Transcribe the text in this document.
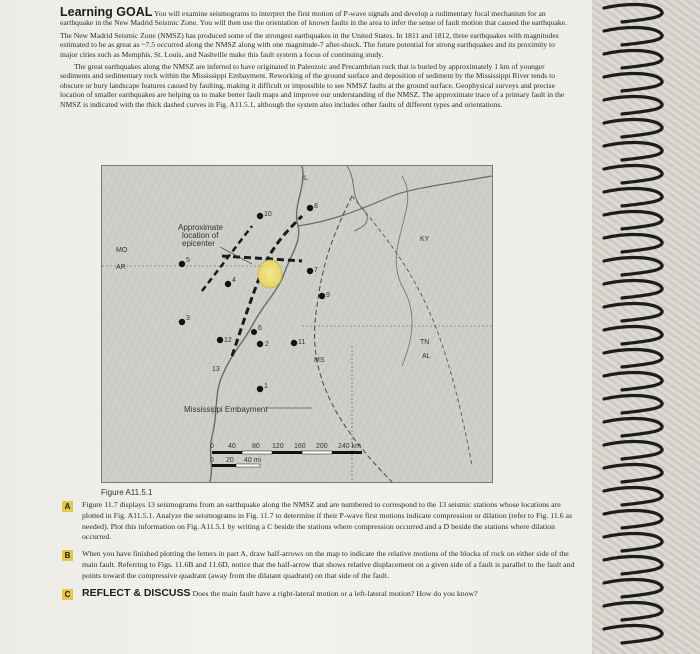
Learning GOAL You will examine seismograms to interpret the first motion of P-wave signals and develop a rudimentary focal mechanism for an earthquake in the New Madrid Seismic Zone. You will then use the orientation of known faults in the area to infer the sense of fault motion that caused the earthquake.

The New Madrid Seismic Zone (NMSZ) has produced some of the strongest earthquakes in the United States. In 1811 and 1812, three earthquakes with magnitudes estimated to be as great as ~7.5 occurred along the NMSZ along with one magnitude-7 after-shock. The future potential for strong earthquakes and its proximity to major cities such as Memphis, St. Louis, and Nashville make this fault system a focus of continuing study.

The great earthquakes along the NMSZ are inferred to have originated in Paleozoic and Precambrian rock that is buried by approximately 1 km of younger sediments and sedimentary rock within the Mississippi Embayment. Reworking of the ground surface and deposition of sediment by the Mississippi River tends to obscure or bury landscape features caused by faulting, making it difficult or impossible to see NMSZ faults at the ground surface. Geophysical surveys and precise location of smaller earthquakes are helping us to make better fault maps and improve our understanding of the NMSZ. The approximate trace of a primary fault in the NMSZ is indicated with the thick dashed curves in Fig. A11.5.1, although the system also includes other faults of different types and orientations.

IL
KY
MO
AR
TN
MS
AL
Approximate
location of
epicenter
1
2
3
4
5
6
7
8
9
10
11
12
13
Mississippi Embayment
0 40 80 120 160 200 240 km
0 20 40 mi
Figure A11.5.1
A	Figure 11.7 displays 13 seismograms from an earthquake along the NMSZ and are numbered to correspond to the 13 seismic stations whose locations are plotted in Fig. A11.5.1. Analyze the seismograms in Fig. 11.7 to determine if their P-wave first motions indicate compression or dilation (refer to Fig. 11.6 as needed). Plot this information on Fig. A11.5.1 by writing a C beside the stations where compression occurred and a D beside the stations where dilation occurred.
B	When you have finished plotting the letters in part A, draw half-arrows on the map to indicate the relative motions of the blocks of rock on either side of the main fault. Referring to Figs. 11.6B and 11.6D, notice that the half-arrow that shows relative displacement on a given side of a fault is parallel to the fault and points toward the compressive quadrant (away from the dilatant quadrant) on that side of the fault.
C REFLECT & DISCUSS Does the main fault have a right-lateral motion or a left-lateral motion? How do you know?
